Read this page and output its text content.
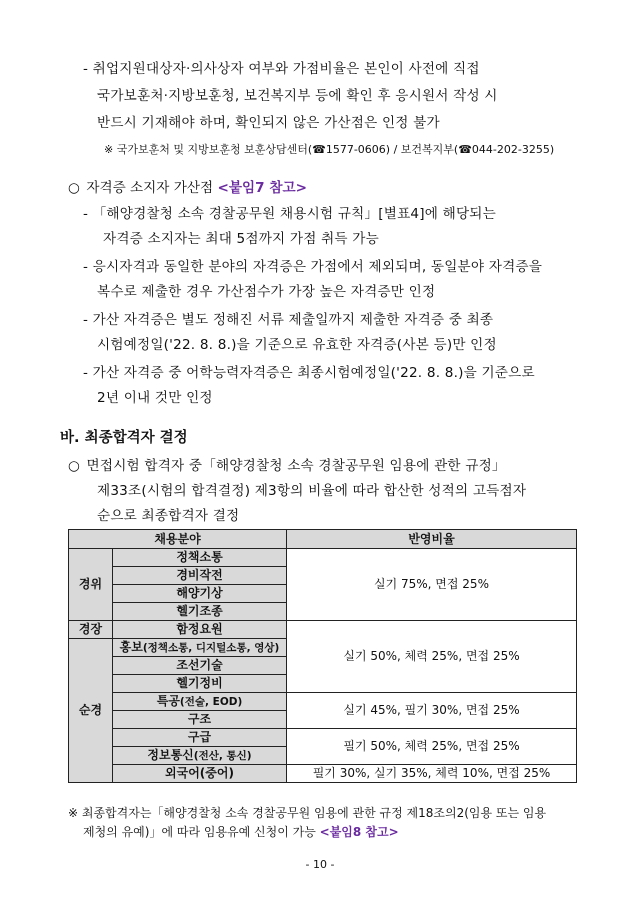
- 취업지원대상자·의사상자 여부와 가점비율은 본인이 사전에 직접
국가보훈처·지방보훈청, 보건복지부 등에 확인 후 응시원서 작성 시
반드시 기재해야 하며, 확인되지 않은 가산점은 인정 불가
※ 국가보훈처 및 지방보훈청 보훈상담센터(☎1577-0606) / 보건복지부(☎044-202-3255)
○ 자격증 소지자 가산점 <붙임7 참고>
- 「해양경찰청 소속 경찰공무원 채용시험 규칙」[별표4]에 해당되는
자격증 소지자는 최대 5점까지 가점 취득 가능
- 응시자격과 동일한 분야의 자격증은 가점에서 제외되며, 동일분야 자격증을
복수로 제출한 경우 가산점수가 가장 높은 자격증만 인정
- 가산 자격증은 별도 정해진 서류 제출일까지 제출한 자격증 중 최종
시험예정일('22. 8. 8.)을 기준으로 유효한 자격증(사본 등)만 인정
- 가산 자격증 중 어학능력자격증은 최종시험예정일('22. 8. 8.)을 기준으로
2년 이내 것만 인정
바. 최종합격자 결정
○ 면접시험 합격자 중「해양경찰청 소속 경찰공무원 임용에 관한 규정」
제33조(시험의 합격결정) 제3항의 비율에 따라 합산한 성적의 고득점자
순으로 최종합격자 결정
채용분야		반영비율
경위	정책소통	실기 75%, 면접 25%
	경비작전	
	해양기상	
	헬기조종	
경장	함정요원	실기 50%, 체력 25%, 면접 25%
순경	홍보(정책소통, 디지털소통, 영상)	
	조선기술	
	헬기정비	
	특공(전술, EOD)	실기 45%, 필기 30%, 면접 25%
	구조	
	구급	필기 50%, 체력 25%, 면접 25%
	정보통신(전산, 통신)	
	외국어(중어)	필기 30%, 실기 35%, 체력 10%, 면접 25%
※ 최종합격자는「해양경찰청 소속 경찰공무원 임용에 관한 규정 제18조의2(임용 또는 임용
제청의 유예)」에 따라 임용유예 신청이 가능 <붙임8 참고>
- 10 -
